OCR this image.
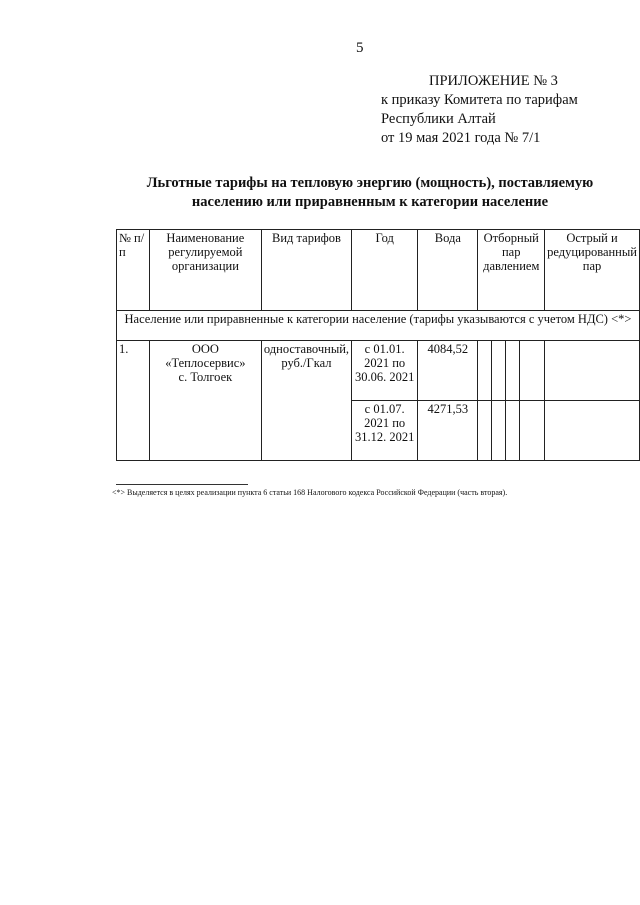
5
ПРИЛОЖЕНИЕ № 3
к приказу Комитета по тарифам
Республики Алтай
от 19 мая 2021 года № 7/1
Льготные тарифы на тепловую энергию (мощность), поставляемую
населению или приравненным к категории население
№ п/п	Наименование регулируемой организации	Вид тарифов	Год	Вода	Отборный пар давлением				Острый и редуцированный пар
Население или приравненные к категории население (тарифы указываются с учетом НДС) <*>									
1.	ООО
«Теплосервис»
с. Толгоек	одноставочный, руб./Гкал	с 01.01. 2021 по 30.06. 2021	4084,52					
			с 01.07. 2021 по 31.12. 2021	4271,53					
<*> Выделяется в целях реализации пункта 6 статьи 168 Налогового кодекса Российской Федерации (часть вторая).
